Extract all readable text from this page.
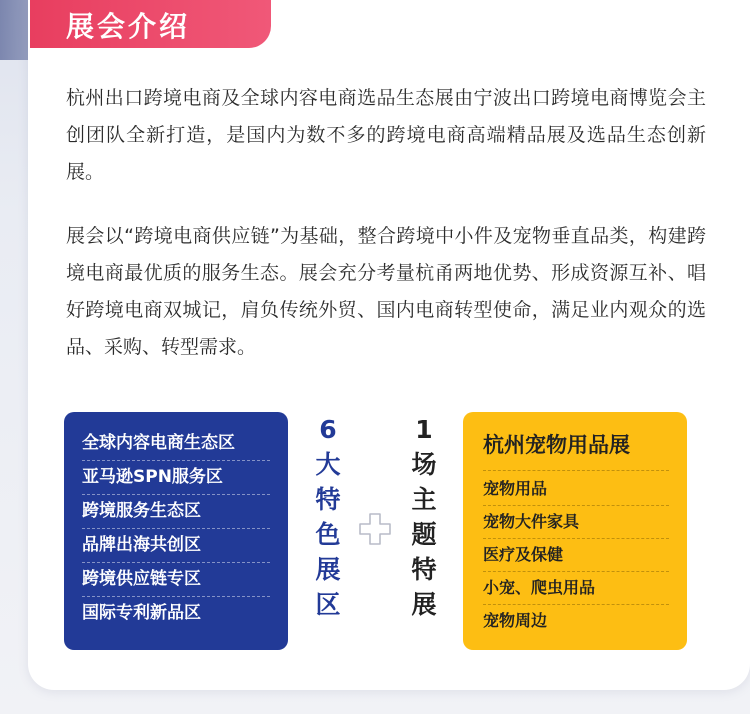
展会介绍

杭州出口跨境电商及全球内容电商选品生态展由宁波出口跨境电商博览会主创团队全新打造，是国内为数不多的跨境电商高端精品展及选品生态创新展。

展会以“跨境电商供应链”为基础，整合跨境中小件及宠物垂直品类，构建跨境电商最优质的服务生态。展会充分考量杭甬两地优势、形成资源互补、唱好跨境电商双城记，肩负传统外贸、国内电商转型使命，满足业内观众的选品、采购、转型需求。

全球内容电商生态区
亚马逊SPN服务区
跨境服务生态区
品牌出海共创区
跨境供应链专区
国际专利新品区
6
大
特
色
展
区
1
场
主
题
特
展
杭州宠物用品展
宠物用品
宠物大件家具
医疗及保健
小宠、爬虫用品
宠物周边
